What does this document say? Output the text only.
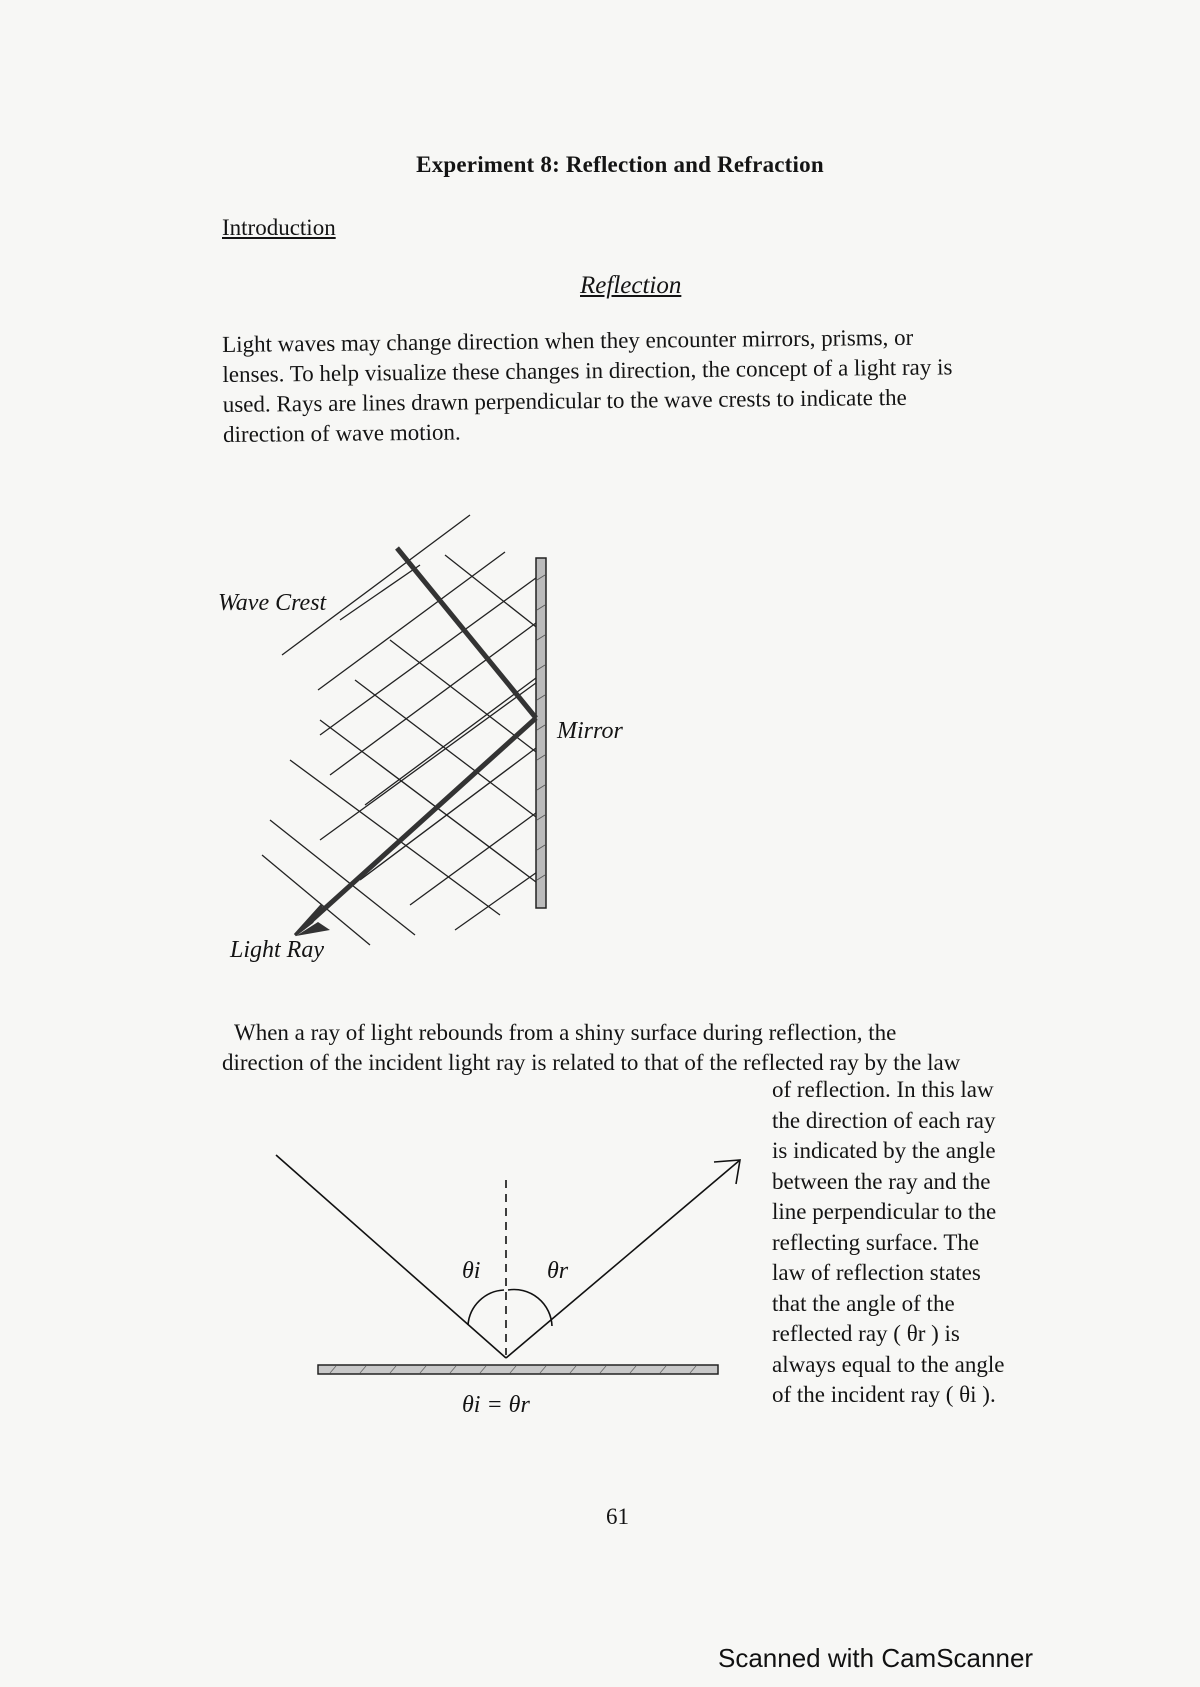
Experiment 8: Reflection and Refraction
Introduction
Reflection
Light waves may change direction when they encounter mirrors, prisms, or
lenses. To help visualize these changes in direction, the concept of a light ray is
used. Rays are lines drawn perpendicular to the wave crests to indicate the
direction of wave motion.
Wave Crest
Mirror
Light Ray
When a ray of light rebounds from a shiny surface during reflection, the
direction of the incident light ray is related to that of the reflected ray by the law
of reflection. In this law
the direction of each ray
is indicated by the angle
between the ray and the
line perpendicular to the
reflecting surface. The
law of reflection states
that the angle of the
reflected ray ( θr ) is
always equal to the angle
of the incident ray ( θi ).
θi	θr
θi = θr
61
Scanned with CamScanner
